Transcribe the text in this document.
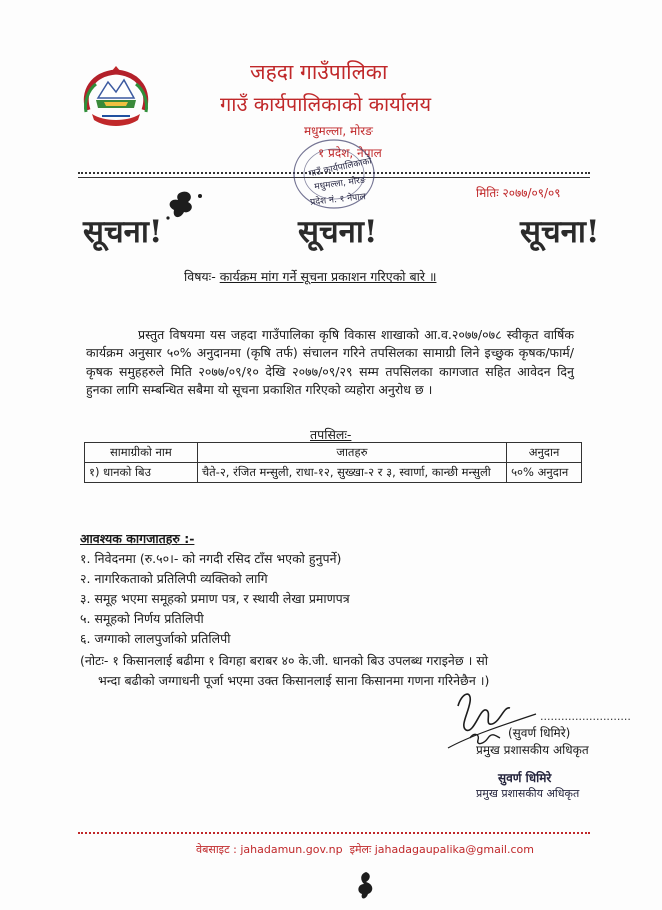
जहदा गाउँपालिका
गाउँ कार्यपालिकाको कार्यालय
मधुमल्ला, मोरङ
१ प्रदेश, नेपाल
मितिः २०७७/०९/०९
गाउँ कार्यपालिकाको
मधुमल्ला, मोरङ
प्रदेश नं. १ नेपाल
सूचना!	सूचना!	सूचना!
विषयः- कार्यक्रम मांग गर्ने सूचना प्रकाशन गरिएको बारे ॥
प्रस्तुत विषयमा यस जहदा गाउँपालिका कृषि विकास शाखाको आ.व.२०७७/०७८ स्वीकृत वार्षिक कार्यक्रम अनुसार ५०% अनुदानमा (कृषि तर्फ) संचालन गरिने तपसिलका सामाग्री लिने इच्छुक कृषक/फार्म/कृषक समुहहरुले मिति २०७७/०९/१० देखि २०७७/०९/२९ सम्म तपसिलका कागजात सहित आवेदन दिनु हुनका लागि सम्बन्धित सबैमा यो सूचना प्रकाशित गरिएको व्यहोरा अनुरोध छ ।
तपसिलः-
सामाग्रीको नाम	जातहरु	अनुदान
१) धानको बिउ	चैते-२, रंजित मन्सुली, राधा-१२, सुख्खा-२ र ३, स्वार्णा, कान्छी मन्सुली	५०% अनुदान
आवश्यक कागजातहरु :-
१. निवेदनमा (रु.५०।- को नगदी रसिद टाँस भएको हुनुपर्ने)
२. नागरिकताको प्रतिलिपी व्यक्तिको लागि
३. समूह भएमा समूहको प्रमाण पत्र, र स्थायी लेखा प्रमाणपत्र
५. समूहको निर्णय प्रतिलिपी
६. जग्गाको लालपुर्जाको प्रतिलिपी
(नोटः- १ किसानलाई बढीमा १ विगहा बराबर ४० के.जी. धानको बिउ उपलब्ध गराइनेछ । सो
भन्दा बढीको जग्गाधनी पूर्जा भएमा उक्त किसानलाई साना किसानमा गणना गरिनेछैन ।)
..........................
(सुवर्ण धिमिरे)
प्रमुख प्रशासकीय अधिकृत
सुवर्ण धिमिरे
प्रमुख प्रशासकीय अधिकृत
वेबसाइट : jahadamun.gov.np इमेलः jahadagaupalika@gmail.com
